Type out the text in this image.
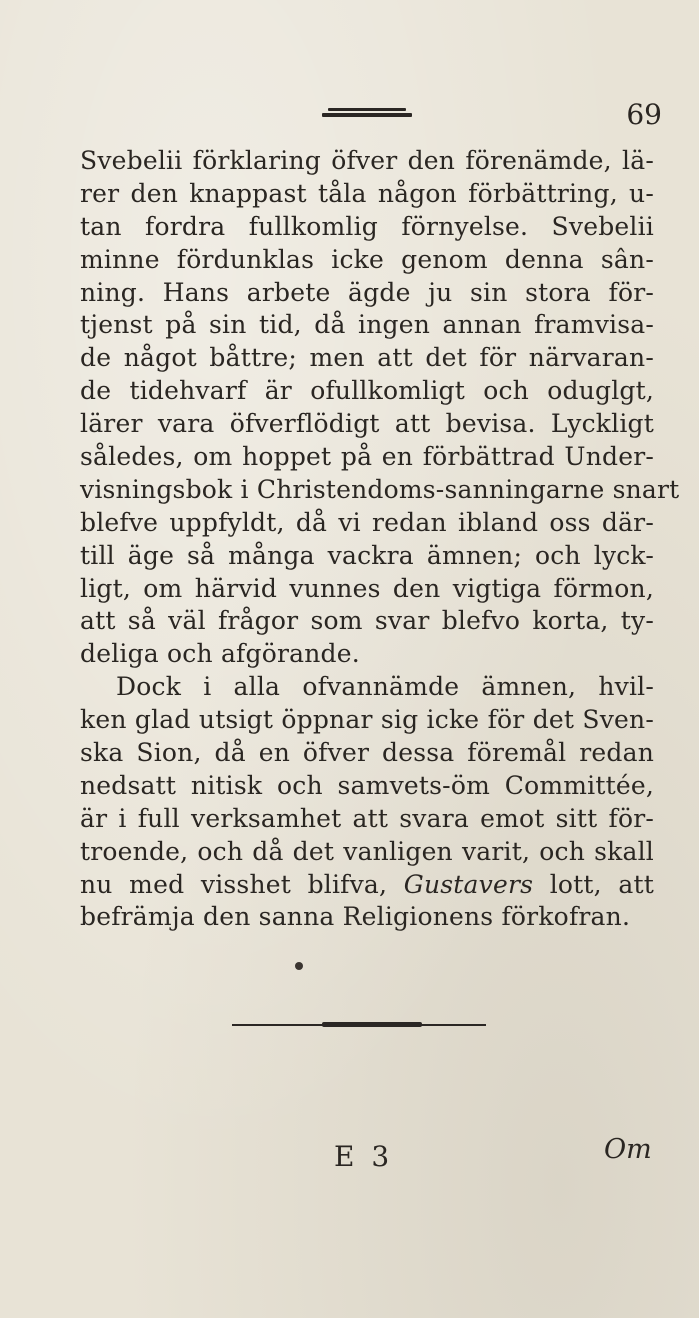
69
Svebelii förklaring öfver den förenämde, lä-
rer den knappast tåla någon förbättring, u-
tan fordra fullkomlig förnyelse. Svebelii
minne fördunklas icke genom denna sân-
ning. Hans arbete ägde ju sin stora för-
tjenst på sin tid, då ingen annan framvisa-
de något båttre; men att det för närvaran-
de tidehvarf är ofullkomligt och oduglgt,
lärer vara öfverflödigt att bevisa. Lyckligt
således, om hoppet på en förbättrad Under-
visningsbok i Christendoms-sanningarne snart
blefve uppfyldt, då vi redan ibland oss där-
till äge så många vackra ämnen; och lyck-
ligt, om härvid vunnes den vigtiga förmon,
att så väl frågor som svar blefvo korta, ty-
deliga och afgörande.
Dock i alla ofvannämde ämnen, hvil-
ken glad utsigt öppnar sig icke för det Sven-
ska Sion, då en öfver dessa föremål redan
nedsatt nitisk och samvets-öm Committée,
är i full verksamhet att svara emot sitt för-
troende, och då det vanligen varit, och skall
nu med visshet blifva, Gustavers lott, att
befrämja den sanna Religionens förkofran.
E 3	Om
